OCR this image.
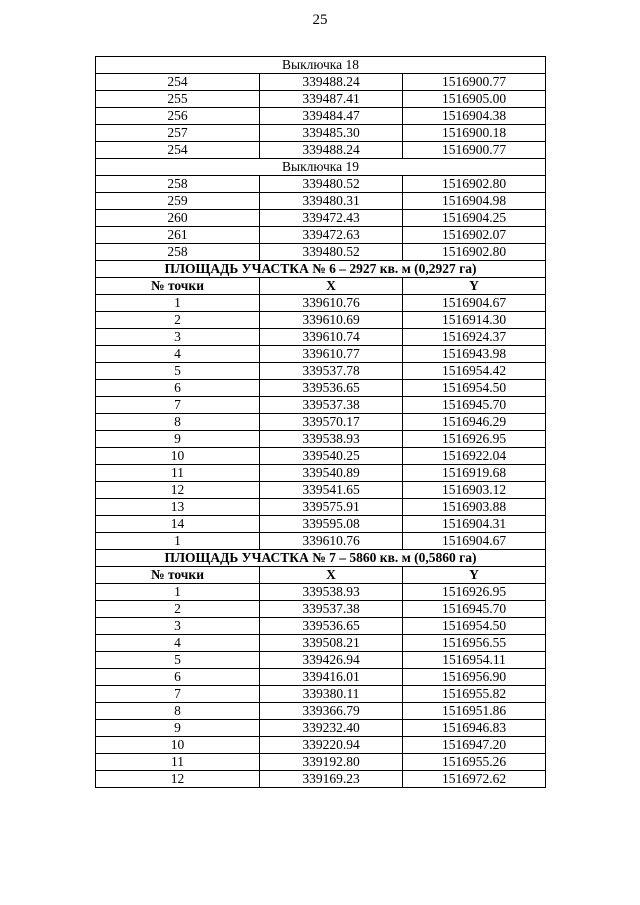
25
Выключка 18		
254	339488.24	1516900.77
255	339487.41	1516905.00
256	339484.47	1516904.38
257	339485.30	1516900.18
254	339488.24	1516900.77
Выключка 19		
258	339480.52	1516902.80
259	339480.31	1516904.98
260	339472.43	1516904.25
261	339472.63	1516902.07
258	339480.52	1516902.80
ПЛОЩАДЬ УЧАСТКА № 6 – 2927 кв. м (0,2927 га)		
№ точки	X	Y
1	339610.76	1516904.67
2	339610.69	1516914.30
3	339610.74	1516924.37
4	339610.77	1516943.98
5	339537.78	1516954.42
6	339536.65	1516954.50
7	339537.38	1516945.70
8	339570.17	1516946.29
9	339538.93	1516926.95
10	339540.25	1516922.04
11	339540.89	1516919.68
12	339541.65	1516903.12
13	339575.91	1516903.88
14	339595.08	1516904.31
1	339610.76	1516904.67
ПЛОЩАДЬ УЧАСТКА № 7 – 5860 кв. м (0,5860 га)		
№ точки	X	Y
1	339538.93	1516926.95
2	339537.38	1516945.70
3	339536.65	1516954.50
4	339508.21	1516956.55
5	339426.94	1516954.11
6	339416.01	1516956.90
7	339380.11	1516955.82
8	339366.79	1516951.86
9	339232.40	1516946.83
10	339220.94	1516947.20
11	339192.80	1516955.26
12	339169.23	1516972.62
